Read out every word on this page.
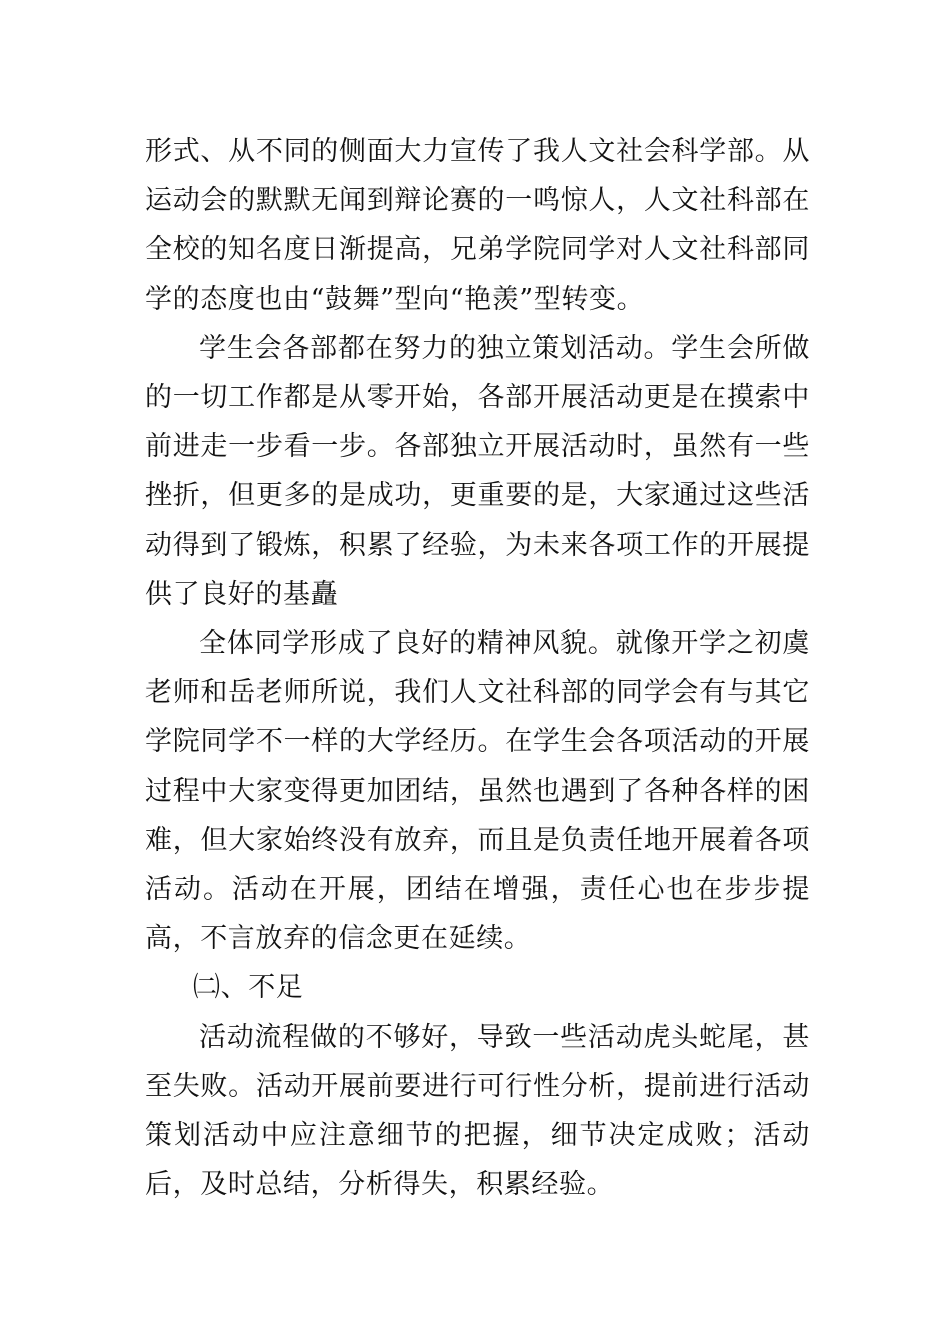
形式、从不同的侧面大力宣传了我人文社会科学部。从运动会的默默无闻到辩论赛的一鸣惊人，人文社科部在全校的知名度日渐提高，兄弟学院同学对人文社科部同学的态度也由“鼓舞”型向“艳羡”型转变。

学生会各部都在努力的独立策划活动。学生会所做的一切工作都是从零开始，各部开展活动更是在摸索中前进走一步看一步。各部独立开展活动时，虽然有一些挫折，但更多的是成功，更重要的是，大家通过这些活动得到了锻炼，积累了经验，为未来各项工作的开展提供了良好的基矗

全体同学形成了良好的精神风貌。就像开学之初虞老师和岳老师所说，我们人文社科部的同学会有与其它学院同学不一样的大学经历。在学生会各项活动的开展过程中大家变得更加团结，虽然也遇到了各种各样的困难，但大家始终没有放弃，而且是负责任地开展着各项活动。活动在开展，团结在增强，责任心也在步步提高，不言放弃的信念更在延续。

㈡、不足

活动流程做的不够好，导致一些活动虎头蛇尾，甚至失败。活动开展前要进行可行性分析，提前进行活动策划活动中应注意细节的把握，细节决定成败；活动后，及时总结，分析得失，积累经验。
